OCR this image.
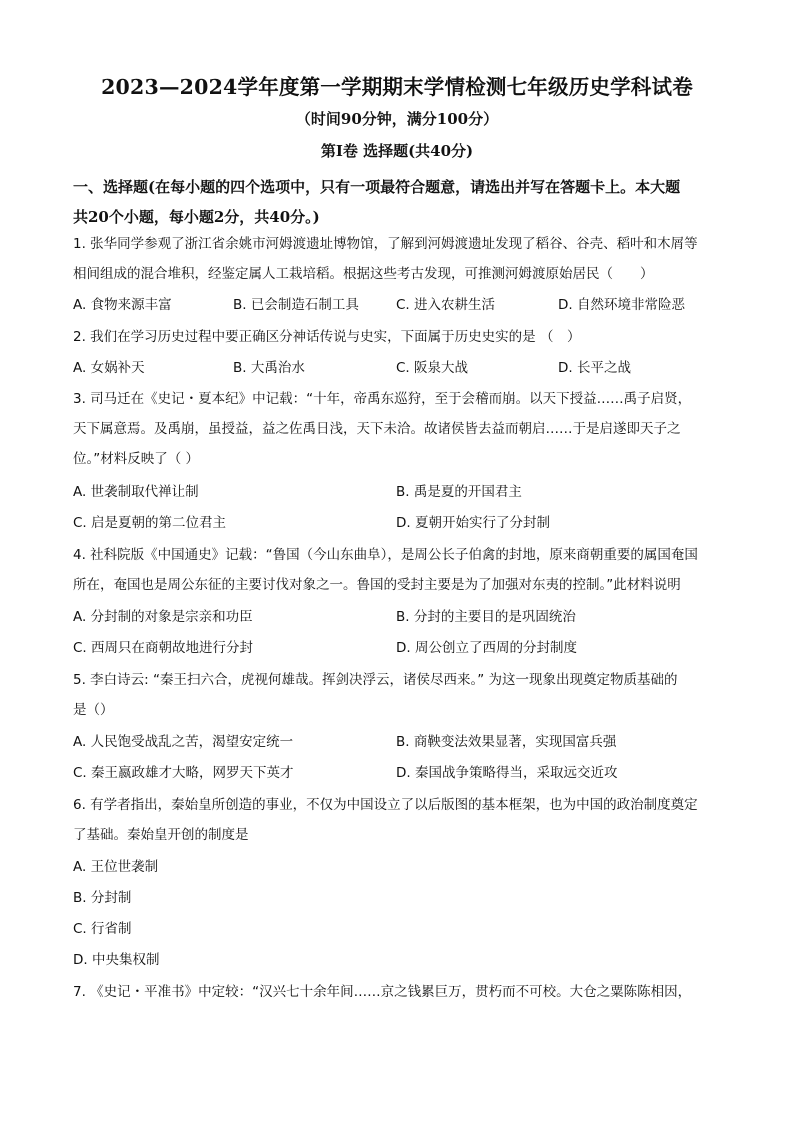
2023—2024学年度第一学期期末学情检测七年级历史学科试卷
（时间90分钟，满分100分）
第Ⅰ卷 选择题(共40分)
一、选择题(在每小题的四个选项中，只有一项最符合题意，请选出并写在答题卡上。本大题
共20个小题，每小题2分，共40分。)
1. 张华同学参观了浙江省余姚市河姆渡遗址博物馆，了解到河姆渡遗址发现了稻谷、谷壳、稻叶和木屑等
相间组成的混合堆积，经鉴定属人工栽培稻。根据这些考古发现，可推测河姆渡原始居民（　　）
A. 食物来源丰富	B. 已会制造石制工具	C. 进入农耕生活	D. 自然环境非常险恶
2. 我们在学习历史过程中要正确区分神话传说与史实，下面属于历史史实的是 （　）
A. 女娲补天	B. 大禹治水	C. 阪泉大战	D. 长平之战
3. 司马迁在《史记・夏本纪》中记载：“十年，帝禹东巡狩，至于会稽而崩。以天下授益……禹子启贤，
天下属意焉。及禹崩，虽授益，益之佐禹日浅，天下未洽。故诸侯皆去益而朝启……于是启遂即天子之
位。”材料反映了（ ）
A. 世袭制取代禅让制	B. 禹是夏的开国君主
C. 启是夏朝的第二位君主	D. 夏朝开始实行了分封制
4. 社科院版《中国通史》记载：“鲁国（今山东曲阜），是周公长子伯禽的封地，原来商朝重要的属国奄国
所在，奄国也是周公东征的主要讨伐对象之一。鲁国的受封主要是为了加强对东夷的控制。”此材料说明
A. 分封制的对象是宗亲和功臣	B. 分封的主要目的是巩固统治
C. 西周只在商朝故地进行分封	D. 周公创立了西周的分封制度
5. 李白诗云: “秦王扫六合，虎视何雄哉。挥剑决浮云，诸侯尽西来。” 为这一现象出现奠定物质基础的
是（）
A. 人民饱受战乱之苦，渴望安定统一	B. 商鞅变法效果显著，实现国富兵强
C. 秦王嬴政雄才大略，网罗天下英才	D. 秦国战争策略得当，采取远交近攻
6. 有学者指出，秦始皇所创造的事业，不仅为中国设立了以后版图的基本框架，也为中国的政治制度奠定
了基础。秦始皇开创的制度是
A. 王位世袭制
B. 分封制
C. 行省制
D. 中央集权制
7. 《史记・平准书》中定较：“汉兴七十余年间……京之钱累巨万，贯朽而不可校。大仓之粟陈陈相因，
